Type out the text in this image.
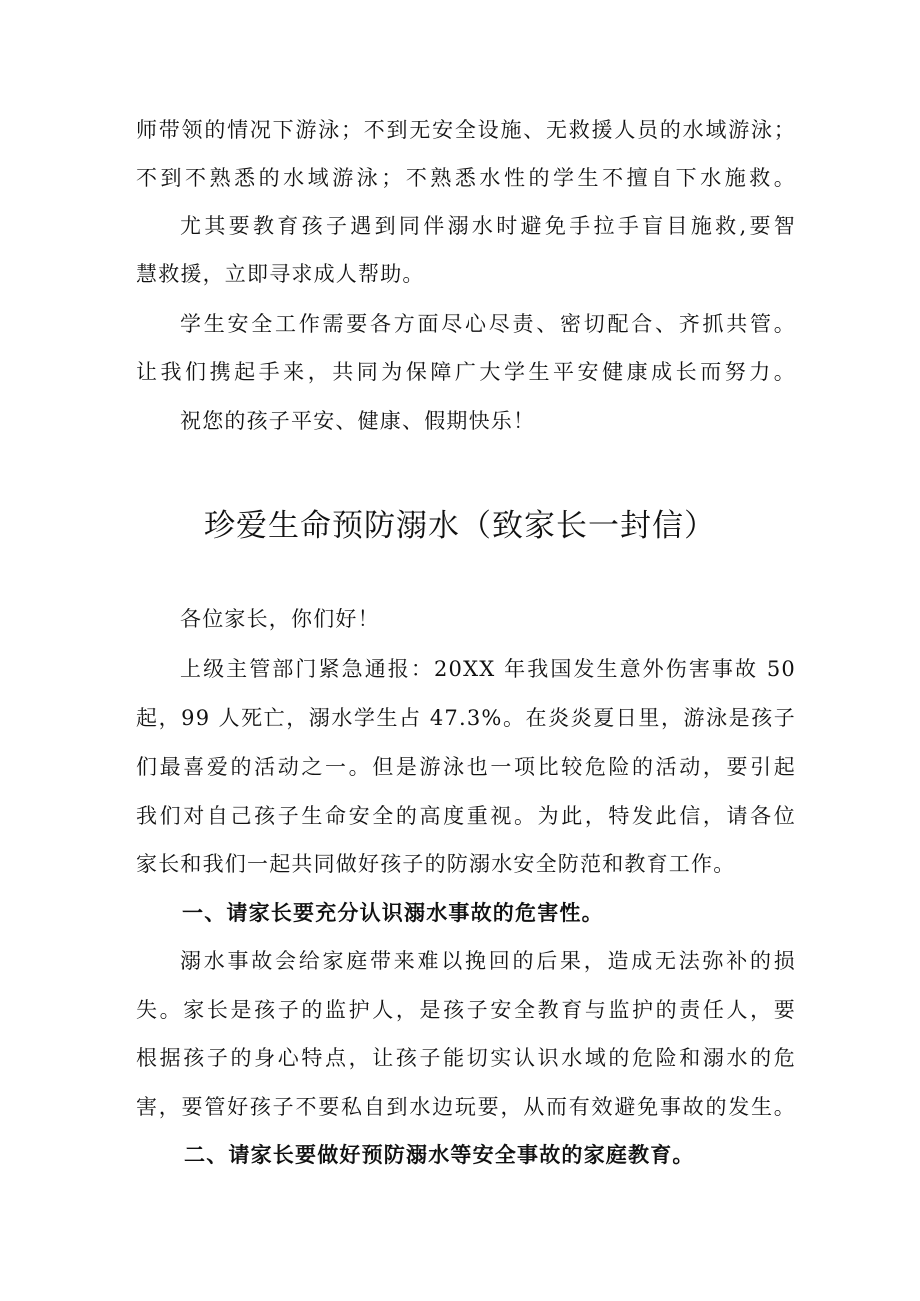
师带领的情况下游泳；不到无安全设施、无救援人员的水域游泳；
不到不熟悉的水域游泳；不熟悉水性的学生不擅自下水施救。
尤其要教育孩子遇到同伴溺水时避免手拉手盲目施救,要智
慧救援，立即寻求成人帮助。
学生安全工作需要各方面尽心尽责、密切配合、齐抓共管。
让我们携起手来，共同为保障广大学生平安健康成长而努力。
祝您的孩子平安、健康、假期快乐！
珍爱生命预防溺水（致家长一封信）
各位家长，你们好！
上级主管部门紧急通报：20XX 年我国发生意外伤害事故 50
起，99 人死亡，溺水学生占 47.3%。在炎炎夏日里，游泳是孩子
们最喜爱的活动之一。但是游泳也一项比较危险的活动，要引起
我们对自己孩子生命安全的高度重视。为此，特发此信，请各位
家长和我们一起共同做好孩子的防溺水安全防范和教育工作。
一、请家长要充分认识溺水事故的危害性。
溺水事故会给家庭带来难以挽回的后果，造成无法弥补的损
失。家长是孩子的监护人，是孩子安全教育与监护的责任人，要
根据孩子的身心特点，让孩子能切实认识水域的危险和溺水的危
害，要管好孩子不要私自到水边玩要，从而有效避免事故的发生。
二、请家长要做好预防溺水等安全事故的家庭教育。
